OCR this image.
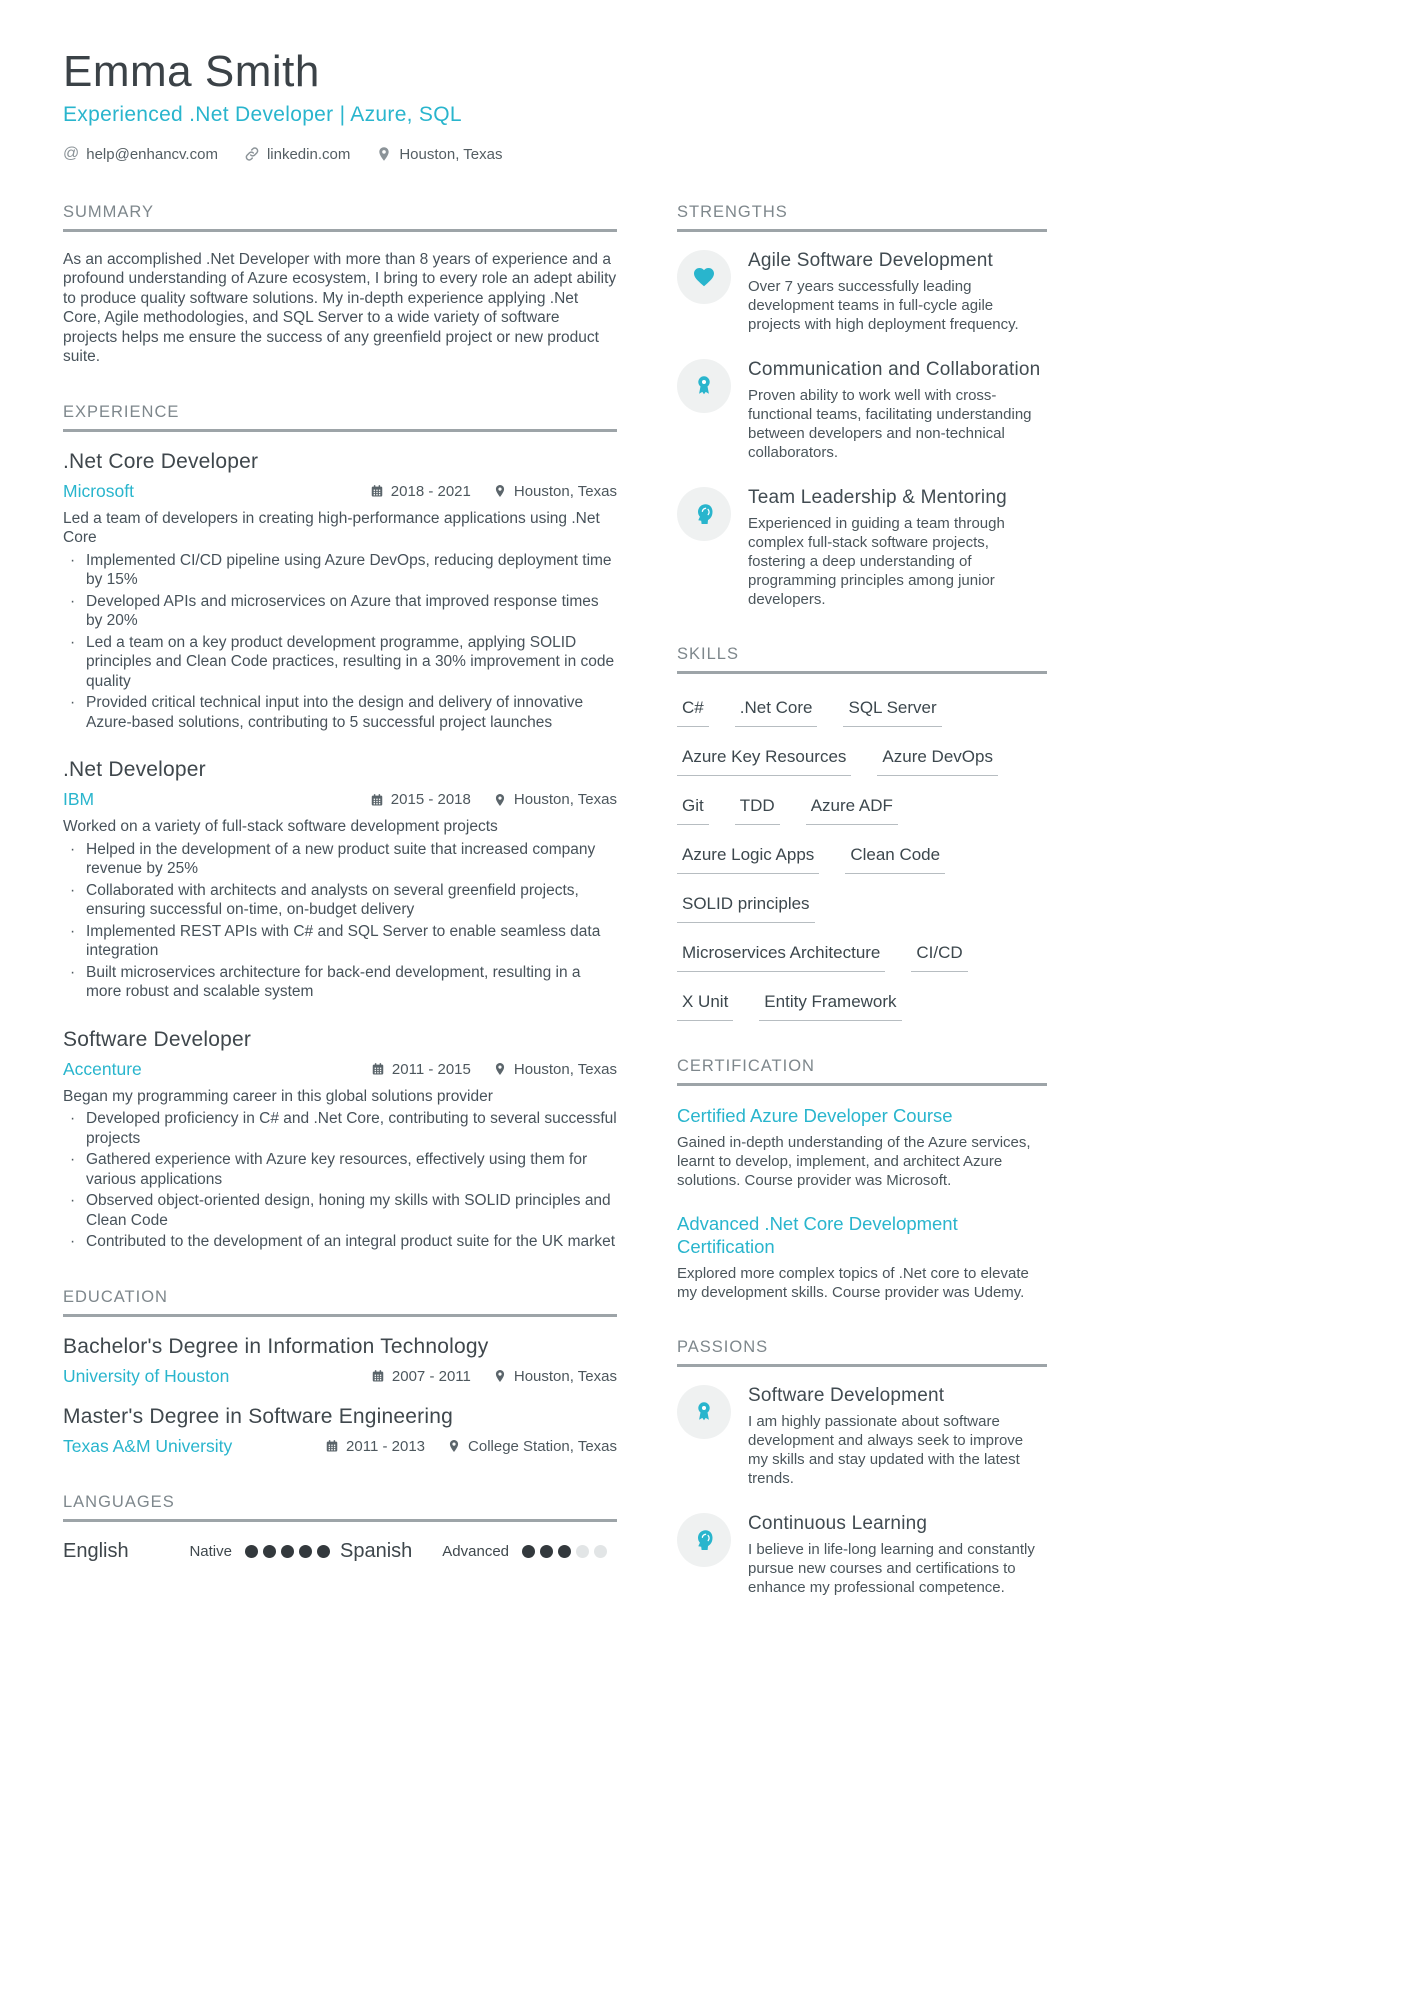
Emma Smith
Experienced .Net Developer | Azure, SQL
@ help@enhancv.com	linkedin.com	Houston, Texas
SUMMARY

As an accomplished .Net Developer with more than 8 years of experience and a profound understanding of Azure ecosystem, I bring to every role an adept ability to produce quality software solutions. My in-depth experience applying .Net Core, Agile methodologies, and SQL Server to a wide variety of software projects helps me ensure the success of any greenfield project or new product suite.

EXPERIENCE
.Net Core Developer
Microsoft	2018 - 2021	Houston, Texas

Led a team of developers in creating high-performance applications using .Net Core

· Implemented CI/CD pipeline using Azure DevOps, reducing deployment time by 15%
· Developed APIs and microservices on Azure that improved response times by 20%
· Led a team on a key product development programme, applying SOLID principles and Clean Code practices, resulting in a 30% improvement in code quality
· Provided critical technical input into the design and delivery of innovative Azure-based solutions, contributing to 5 successful project launches
.Net Developer
IBM	2015 - 2018	Houston, Texas

Worked on a variety of full-stack software development projects

· Helped in the development of a new product suite that increased company revenue by 25%
· Collaborated with architects and analysts on several greenfield projects, ensuring successful on-time, on-budget delivery
· Implemented REST APIs with C# and SQL Server to enable seamless data integration
· Built microservices architecture for back-end development, resulting in a more robust and scalable system
Software Developer
Accenture	2011 - 2015	Houston, Texas

Began my programming career in this global solutions provider

· Developed proficiency in C# and .Net Core, contributing to several successful projects
· Gathered experience with Azure key resources, effectively using them for various applications
· Observed object-oriented design, honing my skills with SOLID principles and Clean Code
· Contributed to the development of an integral product suite for the UK market
EDUCATION
Bachelor's Degree in Information Technology
University of Houston	2007 - 2011	Houston, Texas
Master's Degree in Software Engineering
Texas A&M University	2011 - 2013	College Station, Texas
LANGUAGES
English	Native	Spanish	Advanced
STRENGTHS
Agile Software Development
Over 7 years successfully leading development teams in full-cycle agile projects with high deployment frequency.
Communication and Collaboration
Proven ability to work well with cross-functional teams, facilitating understanding between developers and non-technical collaborators.
Team Leadership & Mentoring
Experienced in guiding a team through complex full-stack software projects, fostering a deep understanding of programming principles among junior developers.
SKILLS
C# .Net Core SQL Server
Azure Key Resources Azure DevOps
Git TDD Azure ADF
Azure Logic Apps Clean Code
SOLID principles
Microservices Architecture CI/CD
X Unit Entity Framework
CERTIFICATION
Certified Azure Developer Course
Gained in-depth understanding of the Azure services, learnt to develop, implement, and architect Azure solutions. Course provider was Microsoft.
Advanced .Net Core Development Certification
Explored more complex topics of .Net core to elevate my development skills. Course provider was Udemy.
PASSIONS
Software Development
I am highly passionate about software development and always seek to improve my skills and stay updated with the latest trends.
Continuous Learning
I believe in life-long learning and constantly pursue new courses and certifications to enhance my professional competence.
